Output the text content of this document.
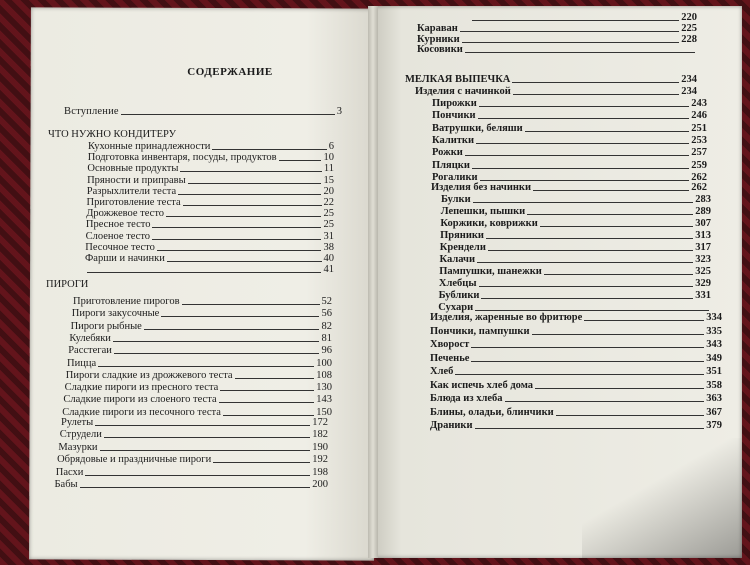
СОДЕРЖАНИЕ
Вступление	3
ЧТО НУЖНО КОНДИТЕРУ
Кухонные принадлежности	6
Подготовка инвентаря, посуды, продуктов	10
Основные продукты	11
Пряности и приправы	15
Разрыхлители теста	20
Приготовление теста	22
Дрожжевое тесто	25
Пресное тесто	25
Слоеное тесто	31
Песочное тесто	38
Фарши и начинки	40
41
ПИРОГИ
Приготовление пирогов	52
Пироги закусочные	56
Пироги рыбные	82
Кулебяки	81
Расстегаи	96
Пицца	100
Пироги сладкие из дрожжевого теста	108
Сладкие пироги из пресного теста	130
Сладкие пироги из слоеного теста	143
Сладкие пироги из песочного теста	150
Рулеты	172
Струдели	182
Мазурки	190
Обрядовые и праздничные пироги	192
Пасхи	198
Бабы	200
220
Караван	225
Курники	228
Косовики
МЕЛКАЯ ВЫПЕЧКА	234
Изделия с начинкой	234
Пирожки	243
Пончики	246
Ватрушки, беляши	251
Калитки	253
Рожки	257
Пляцки	259
Рогалики	262
Изделия без начинки	262
Булки	283
Лепешки, пышки	289
Коржики, коврижки	307
Пряники	313
Крендели	317
Калачи	323
Пампушки, шанежки	325
Хлебцы	329
Бублики	331
Сухари
Изделия, жаренные во фритюре	334
Пончики, пампушки	335
Хворост	343
Печенье	349
Хлеб	351
Как испечь хлеб дома	358
Блюда из хлеба	363
Блины, оладьи, блинчики	367
Драники	379
